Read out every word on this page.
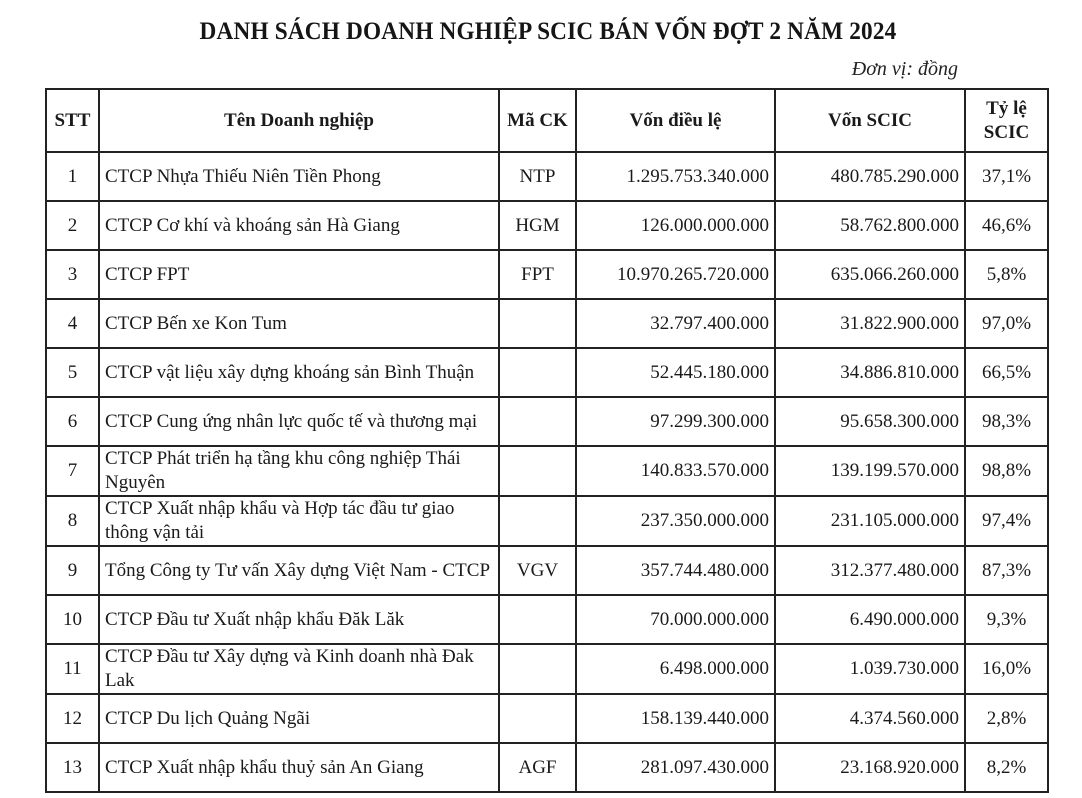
DANH SÁCH DOANH NGHIỆP SCIC BÁN VỐN ĐỢT 2 NĂM 2024
Đơn vị: đồng
STT	Tên Doanh nghiệp	Mã CK	Vốn điều lệ	Vốn SCIC	Tỷ lệ
SCIC
1	CTCP Nhựa Thiếu Niên Tiền Phong	NTP	1.295.753.340.000	480.785.290.000	37,1%
2	CTCP Cơ khí và khoáng sản Hà Giang	HGM	126.000.000.000	58.762.800.000	46,6%
3	CTCP FPT	FPT	10.970.265.720.000	635.066.260.000	5,8%
4	CTCP Bến xe Kon Tum		32.797.400.000	31.822.900.000	97,0%
5	CTCP vật liệu xây dựng khoáng sản Bình Thuận		52.445.180.000	34.886.810.000	66,5%
6	CTCP Cung ứng nhân lực quốc tế và thương mại		97.299.300.000	95.658.300.000	98,3%
7	CTCP Phát triển hạ tầng khu công nghiệp Thái Nguyên		140.833.570.000	139.199.570.000	98,8%
8	CTCP Xuất nhập khẩu và Hợp tác đầu tư giao thông vận tải		237.350.000.000	231.105.000.000	97,4%
9	Tổng Công ty Tư vấn Xây dựng Việt Nam - CTCP	VGV	357.744.480.000	312.377.480.000	87,3%
10	CTCP Đầu tư Xuất nhập khẩu Đăk Lăk		70.000.000.000	6.490.000.000	9,3%
11	CTCP Đầu tư Xây dựng và Kinh doanh nhà Đak Lak		6.498.000.000	1.039.730.000	16,0%
12	CTCP Du lịch Quảng Ngãi		158.139.440.000	4.374.560.000	2,8%
13	CTCP Xuất nhập khẩu thuỷ sản An Giang	AGF	281.097.430.000	23.168.920.000	8,2%
